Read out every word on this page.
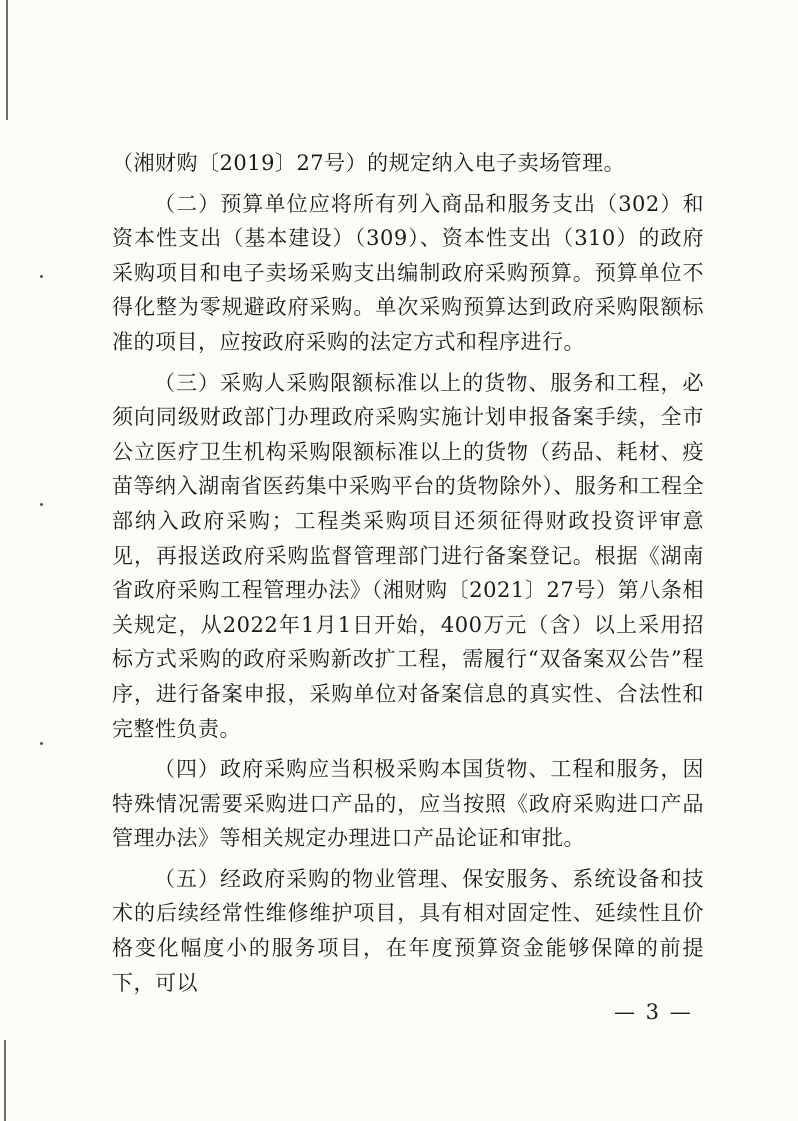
（湘财购〔2019〕27号）的规定纳入电子卖场管理。

（二）预算单位应将所有列入商品和服务支出（302）和资本性支出（基本建设）（309）、资本性支出（310）的政府采购项目和电子卖场采购支出编制政府采购预算。预算单位不得化整为零规避政府采购。单次采购预算达到政府采购限额标准的项目，应按政府采购的法定方式和程序进行。

（三）采购人采购限额标准以上的货物、服务和工程，必须向同级财政部门办理政府采购实施计划申报备案手续，全市公立医疗卫生机构采购限额标准以上的货物（药品、耗材、疫苗等纳入湖南省医药集中采购平台的货物除外）、服务和工程全部纳入政府采购；工程类采购项目还须征得财政投资评审意见，再报送政府采购监督管理部门进行备案登记。根据《湖南省政府采购工程管理办法》（湘财购〔2021〕27号）第八条相关规定，从2022年1月1日开始，400万元（含）以上采用招标方式采购的政府采购新改扩工程，需履行“双备案双公告”程序，进行备案申报，采购单位对备案信息的真实性、合法性和完整性负责。

（四）政府采购应当积极采购本国货物、工程和服务，因特殊情况需要采购进口产品的，应当按照《政府采购进口产品管理办法》等相关规定办理进口产品论证和审批。

（五）经政府采购的物业管理、保安服务、系统设备和技术的后续经常性维修维护项目，具有相对固定性、延续性且价格变化幅度小的服务项目，在年度预算资金能够保障的前提下，可以

— 3 —
